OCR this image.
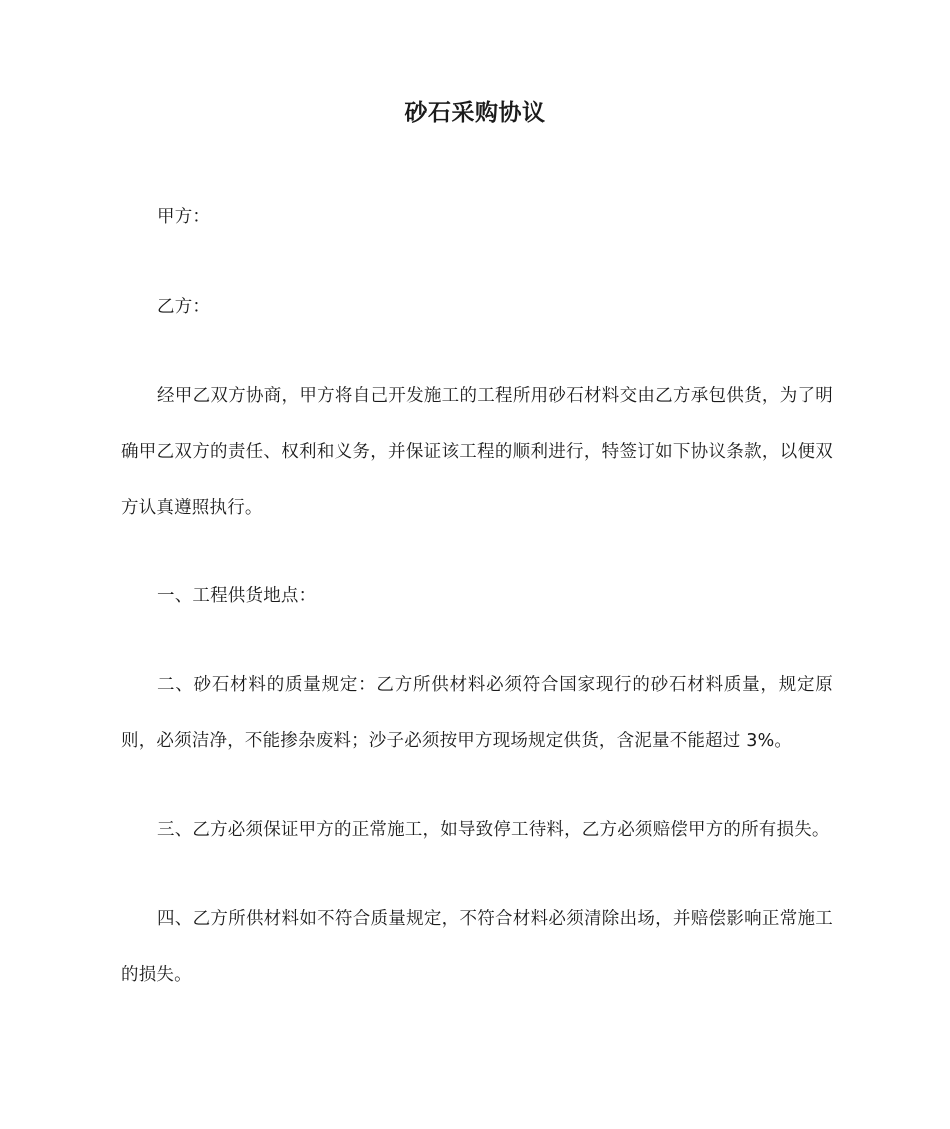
砂石采购协议

甲方：

乙方：

经甲乙双方协商，甲方将自己开发施工的工程所用砂石材料交由乙方承包供货，为了明确甲乙双方的责任、权利和义务，并保证该工程的顺利进行，特签订如下协议条款，以便双方认真遵照执行。

一、工程供货地点：

二、砂石材料的质量规定：乙方所供材料必须符合国家现行的砂石材料质量，规定原则，必须洁净，不能掺杂废料；沙子必须按甲方现场规定供货，含泥量不能超过 3%。

三、乙方必须保证甲方的正常施工，如导致停工待料，乙方必须赔偿甲方的所有损失。

四、乙方所供材料如不符合质量规定，不符合材料必须清除出场，并赔偿影响正常施工的损失。
